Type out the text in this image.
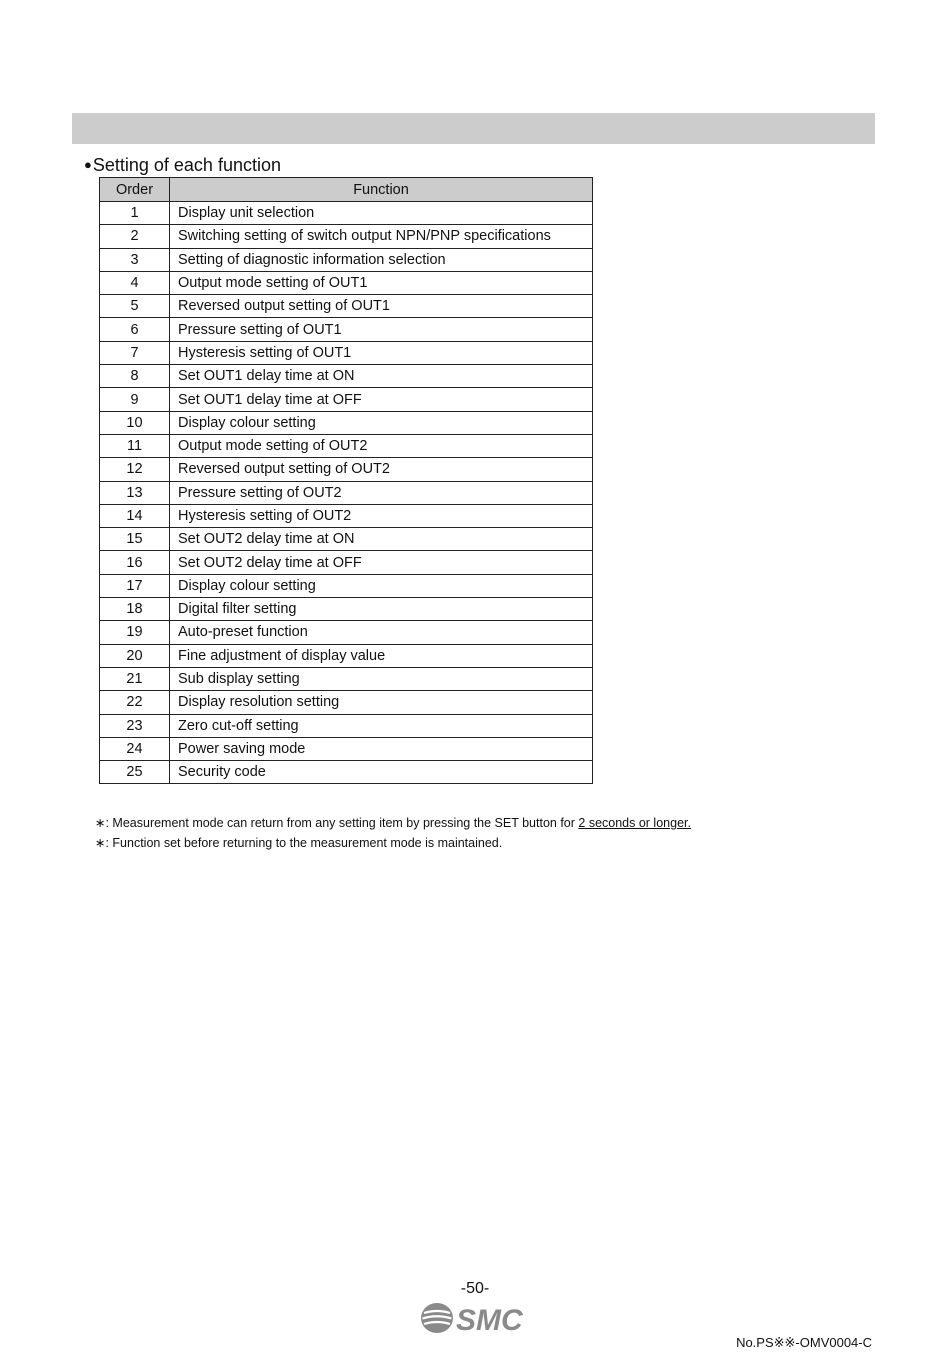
●Setting of each function
Order	Function
1	Display unit selection
2	Switching setting of switch output NPN/PNP specifications
3	Setting of diagnostic information selection
4	Output mode setting of OUT1
5	Reversed output setting of OUT1
6	Pressure setting of OUT1
7	Hysteresis setting of OUT1
8	Set OUT1 delay time at ON
9	Set OUT1 delay time at OFF
10	Display colour setting
11	Output mode setting of OUT2
12	Reversed output setting of OUT2
13	Pressure setting of OUT2
14	Hysteresis setting of OUT2
15	Set OUT2 delay time at ON
16	Set OUT2 delay time at OFF
17	Display colour setting
18	Digital filter setting
19	Auto-preset function
20	Fine adjustment of display value
21	Sub display setting
22	Display resolution setting
23	Zero cut-off setting
24	Power saving mode
25	Security code
∗: Measurement mode can return from any setting item by pressing the SET button for 2 seconds or longer.
∗: Function set before returning to the measurement mode is maintained.
-50-
SMC
No.PS※※-OMV0004-C
